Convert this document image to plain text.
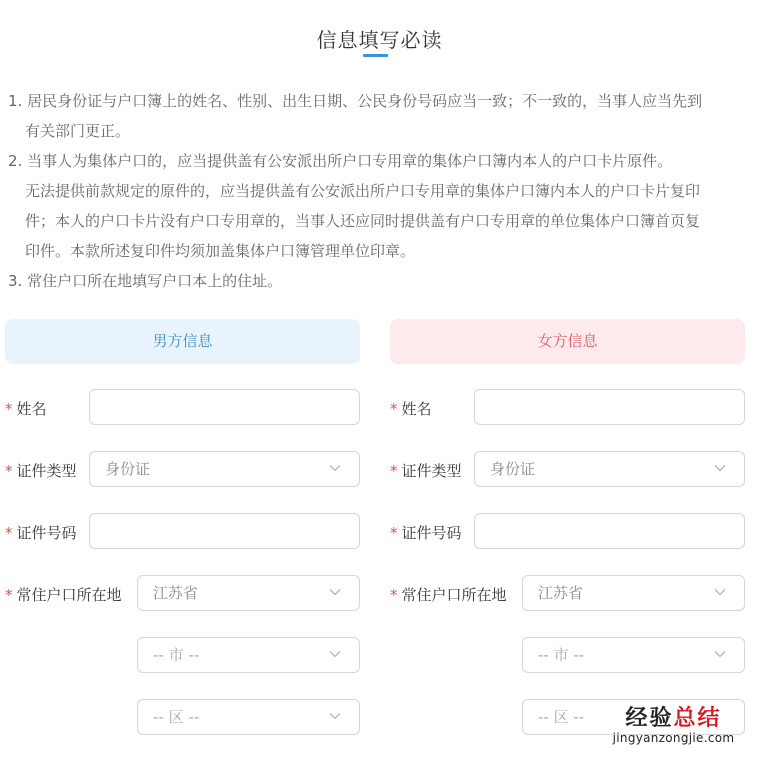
信息填写必读
1. 居民身份证与户口簿上的姓名、性别、出生日期、公民身份号码应当一致；不一致的，当事人应当先到
有关部门更正。
2. 当事人为集体户口的，应当提供盖有公安派出所户口专用章的集体户口簿内本人的户口卡片原件。
无法提供前款规定的原件的，应当提供盖有公安派出所户口专用章的集体户口簿内本人的户口卡片复印
件；本人的户口卡片没有户口专用章的，当事人还应同时提供盖有户口专用章的单位集体户口簿首页复
印件。本款所述复印件均须加盖集体户口簿管理单位印章。
3. 常住户口所在地填写户口本上的住址。
男方信息	女方信息
* 姓名
* 证件类型 身份证
* 证件号码
* 常住户口所在地 江苏省
-- 市 --
-- 区 --
* 姓名
* 证件类型 身份证
* 证件号码
* 常住户口所在地 江苏省
-- 市 --
-- 区 --	经验总结
jingyanzongjie.com
